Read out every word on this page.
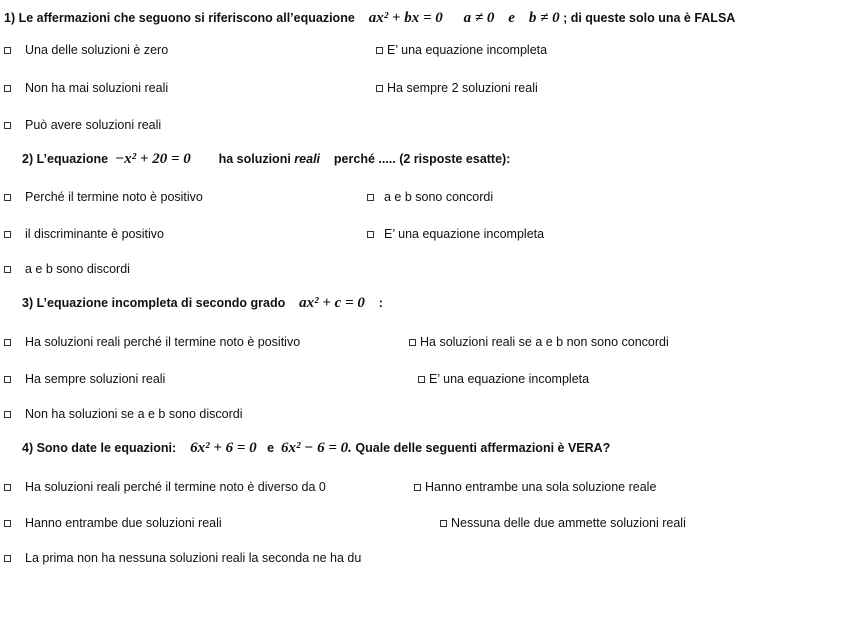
1) Le affermazioni che seguono si riferiscono all’equazione ax² + bx = 0 a ≠ 0 e b ≠ 0 ; di queste solo una è FALSA
Una delle soluzioni è zero	E’ una equazione incompleta
Non ha mai soluzioni reali	Ha sempre 2 soluzioni reali
Può avere soluzioni reali
2) L’equazione −x² + 20 = 0 ha soluzioni reali perché ..... (2 risposte esatte):
Perché il termine noto è positivo	a e b sono concordi
il discriminante è positivo	E’ una equazione incompleta
a e b sono discordi
3) L’equazione incompleta di secondo grado ax² + c = 0 :
Ha soluzioni reali perché il termine noto è positivo	Ha soluzioni reali se a e b non sono concordi
Ha sempre soluzioni reali	E’ una equazione incompleta
Non ha soluzioni se a e b sono discordi
4) Sono date le equazioni: 6x² + 6 = 0 e 6x² − 6 = 0. Quale delle seguenti affermazioni è VERA?
Ha soluzioni reali perché il termine noto è diverso da 0	Hanno entrambe una sola soluzione reale
Hanno entrambe due soluzioni reali	Nessuna delle due ammette soluzioni reali
La prima non ha nessuna soluzioni reali la seconda ne ha du
